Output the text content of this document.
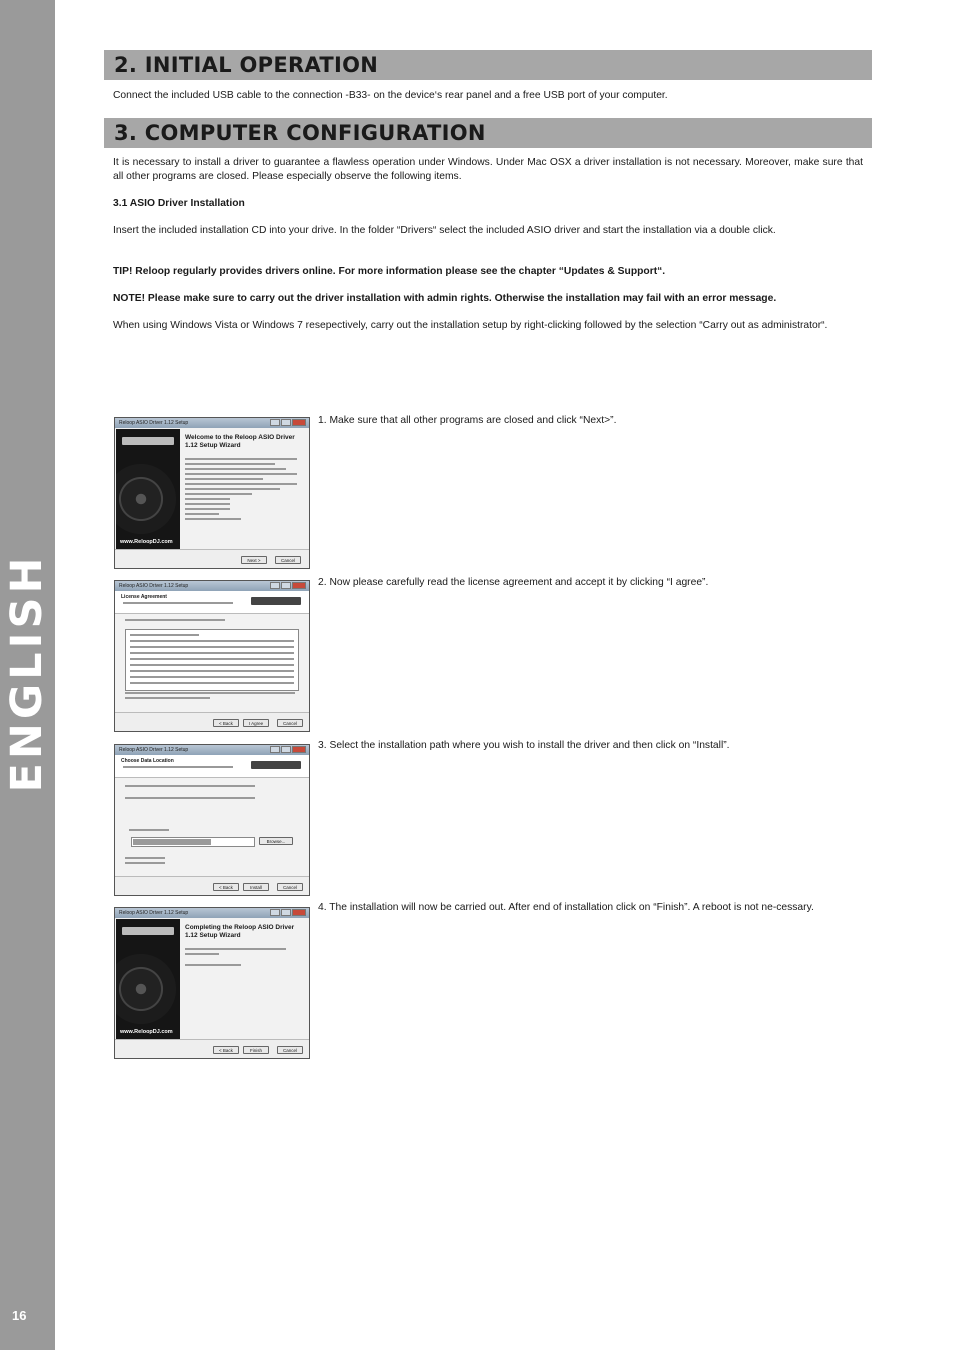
ENGLISH
16
2. INITIAL OPERATION
Connect the included USB cable to the connection -B33- on the device‘s rear panel and a free USB port of your computer.
3. COMPUTER CONFIGURATION
It is necessary to install a driver to guarantee a flawless operation under Windows. Under Mac OSX a driver installation is not necessary. Moreover, make sure that all other programs are closed. Please especially observe the following items.
3.1 ASIO Driver Installation
Insert the included installation CD into your drive. In the folder “Drivers“ select the included ASIO driver and start the installation via a double click.
TIP! Reloop regularly provides drivers online. For more information please see the chapter “Updates & Support“.
NOTE! Please make sure to carry out the driver installation with admin rights. Otherwise the installation may fail with an error message.
When using Windows Vista or Windows 7 resepectively, carry out the installation setup by right-clicking followed by the selection “Carry out as administrator“.
Reloop ASIO Driver 1.12 Setup
www.ReloopDJ.com
Welcome to the Reloop ASIO Driver 1.12 Setup Wizard
Next >	Cancel
1. Make sure that all other programs are closed and click “Next>”.
Reloop ASIO Driver 1.12 Setup
License Agreement
< Back	I Agree	Cancel
2. Now please carefully read the license agreement and accept it by clicking “I agree”.
Reloop ASIO Driver 1.12 Setup
Choose Data Location
Browse...
< Back	Install	Cancel
3. Select the installation path where you wish to install the driver and then click on “Install”.
Reloop ASIO Driver 1.12 Setup
www.ReloopDJ.com
Completing the Reloop ASIO Driver 1.12 Setup Wizard
< Back	Finish	Cancel
4. The installation will now be carried out. After end of installation click on “Finish”. A reboot is not ne-cessary.
